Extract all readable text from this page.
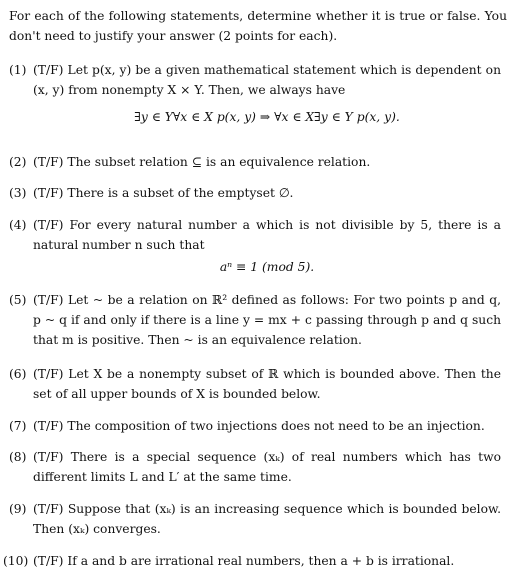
For each of the following statements, determine whether it is true or false. You don't need to justify your answer (2 points for each).
(1) (T/F) Let p(x, y) be a given mathematical statement which is dependent on (x, y) from nonempty X × Y. Then, we always have
∃y ∈ Y∀x ∈ X p(x, y) ⇒ ∀x ∈ X∃y ∈ Y p(x, y).
(2) (T/F) The subset relation ⊆ is an equivalence relation.
(3) (T/F) There is a subset of the emptyset ∅.
(4) (T/F) For every natural number a which is not divisible by 5, there is a natural number n such that
aⁿ ≡ 1 (mod 5).
(5) (T/F) Let ~ be a relation on ℝ² defined as follows: For two points p and q, p ~ q if and only if there is a line y = mx + c passing through p and q such that m is positive. Then ~ is an equivalence relation.
(6) (T/F) Let X be a nonempty subset of ℝ which is bounded above. Then the set of all upper bounds of X is bounded below.
(7) (T/F) The composition of two injections does not need to be an injection.
(8) (T/F) There is a special sequence (xₖ) of real numbers which has two different limits L and L′ at the same time.
(9) (T/F) Suppose that (xₖ) is an increasing sequence which is bounded below. Then (xₖ) converges.
(10) (T/F) If a and b are irrational real numbers, then a + b is irrational.
